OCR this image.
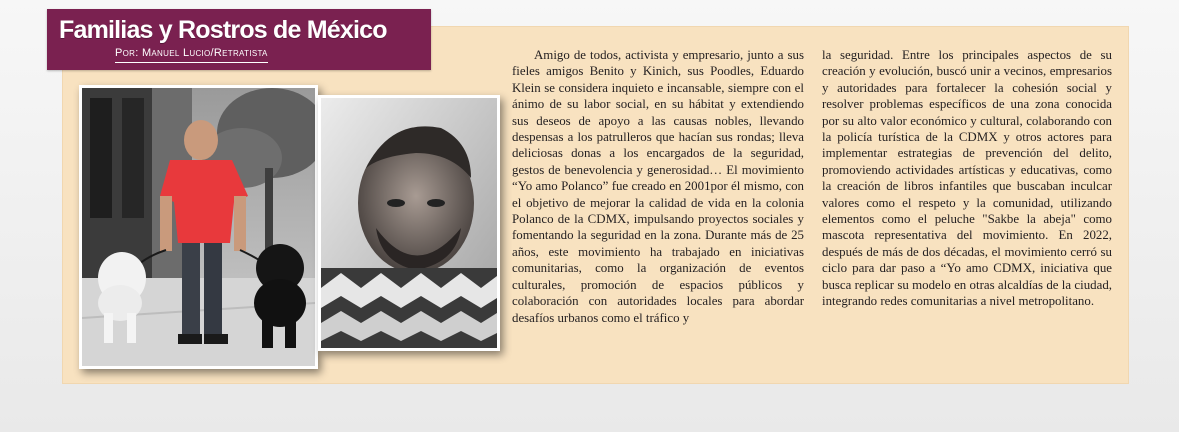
Familias y Rostros de México
Por: Manuel Lucio/Retratista	Amigo de todos, activista y empresario, junto a sus fieles amigos Benito y Kinich, sus Poodles, Eduardo Klein se considera inquieto e incansable, siempre con el ánimo de su labor social, en su hábitat y extendiendo sus deseos de apoyo a las causas nobles, llevando despensas a los patrulleros que hacían sus rondas; lleva deliciosas donas a los encargados de la seguridad, gestos de benevolencia y generosidad… El movimiento “Yo amo Polanco” fue creado en 2001por él mismo, con el objetivo de mejorar la calidad de vida en la colonia Polanco de la CDMX, impulsando proyectos sociales y fomentando la seguridad en la zona. Durante más de 25 años, este movimiento ha trabajado en iniciativas comunitarias, como la organización de eventos culturales, promoción de espacios públicos y colaboración con autoridades locales para abordar desafíos urbanos como el tráfico y
la seguridad. Entre los principales aspectos de su creación y evolución, buscó unir a vecinos, empresarios y autoridades para fortalecer la cohesión social y resolver problemas específicos de una zona conocida por su alto valor económico y cultural, colaborando con la policía turística de la CDMX y otros actores para implementar estrategias de prevención del delito, promoviendo actividades artísticas y educativas, como la creación de libros infantiles que buscaban inculcar valores como el respeto y la comunidad, utilizando elementos como el peluche "Sakbe la abeja" como mascota representativa del movimiento. En 2022, después de más de dos décadas, el movimiento cerró su ciclo para dar paso a “Yo amo CDMX, iniciativa que busca replicar su modelo en otras alcaldías de la ciudad, integrando redes comunitarias a nivel metropolitano.
